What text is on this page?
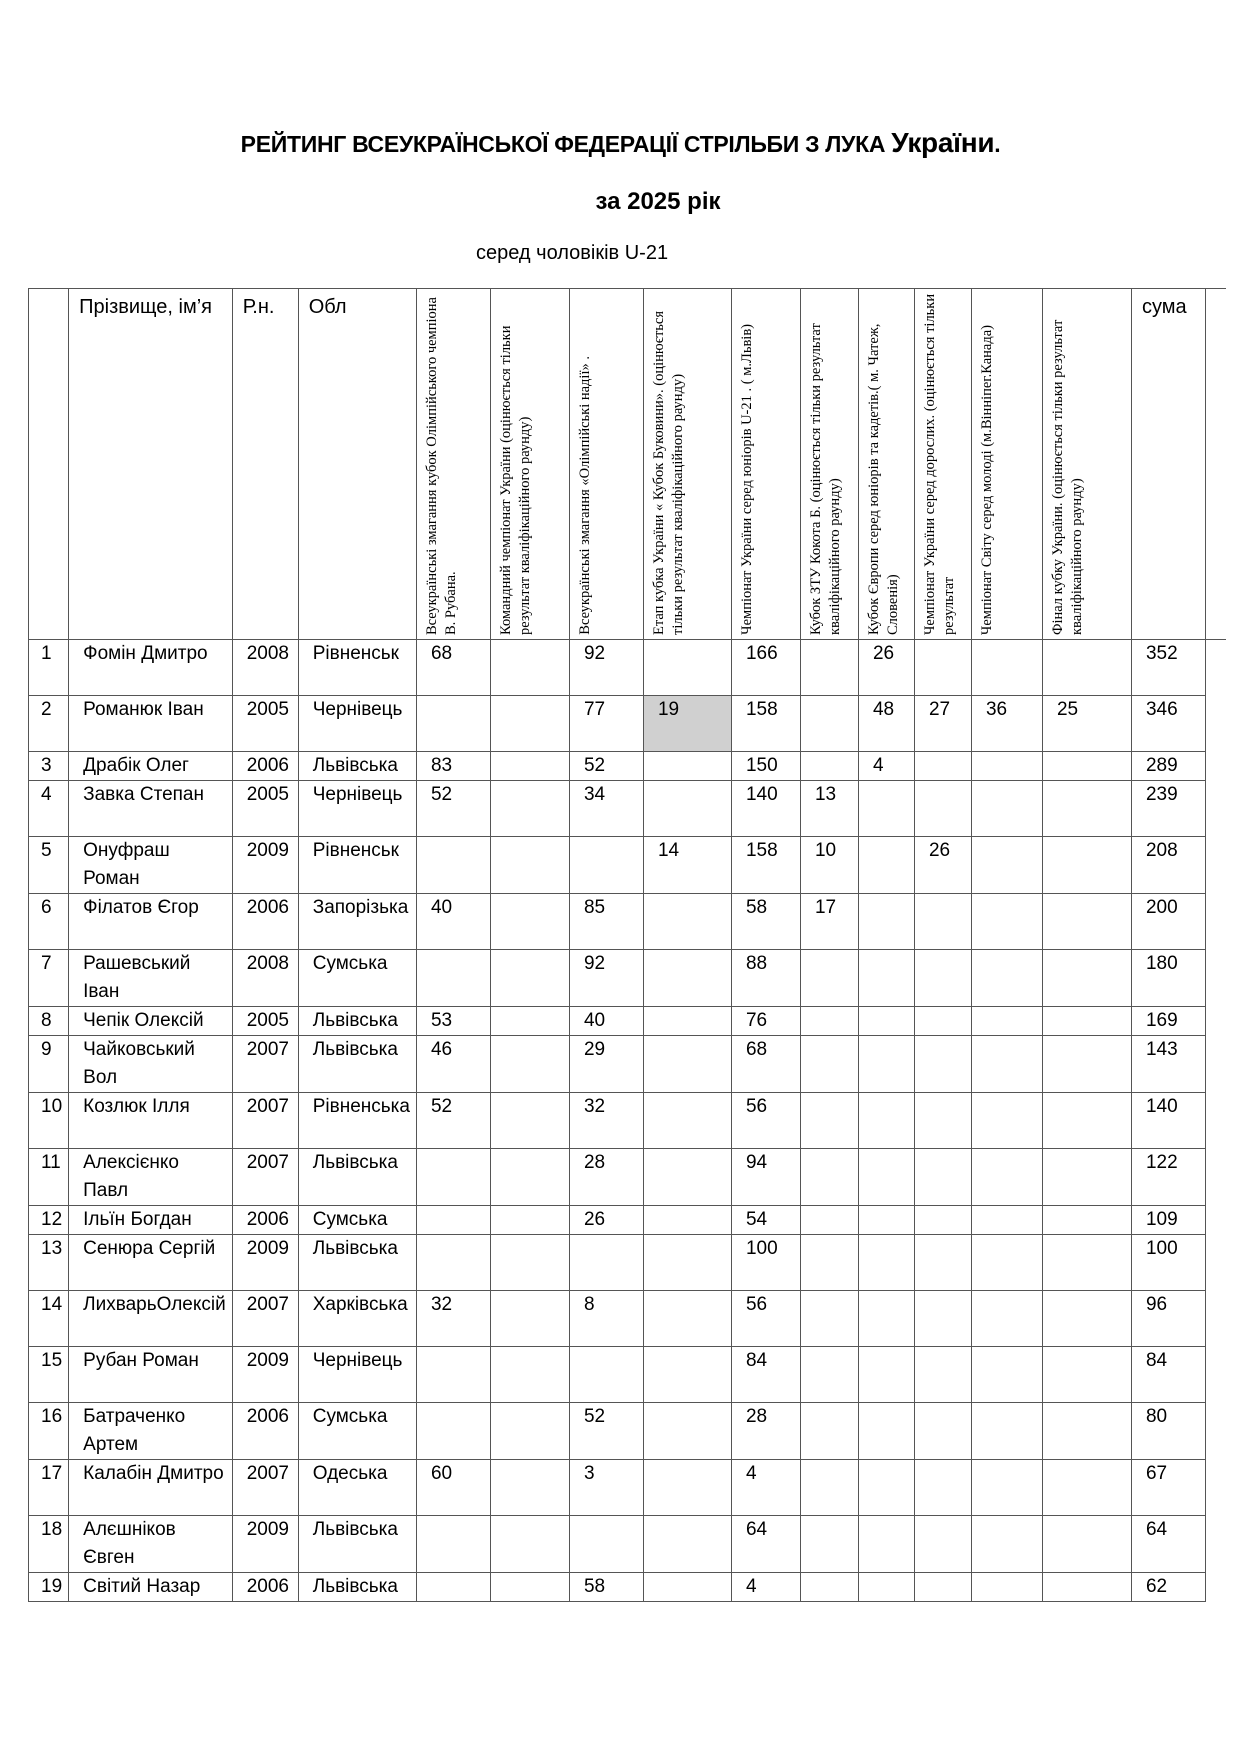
РЕЙТИНГ ВСЕУКРАЇНСЬКОЇ ФЕДЕРАЦІЇ СТРІЛЬБИ З ЛУКА України.
за 2025 рік
серед чоловіків U-21
	Прізвище, ім’я	Р.н.	Обл	Всеукраїнські змагання кубок Олімпійського чемпіона В. Рубана.	Командний чемпіонат України (оцінюється тільки результат кваліфікаційного раунду)	Всеукраїнські змагання «Олімпійські надії» .	Етап кубка України « Кубок Буковини». (оцінюється тільки результат кваліфікаційного раунду)	Чемпіонат України серед юніорів U-21 . ( м.Львів)	Кубок ЗТУ Кокота Б. (оцінюється тільки результат кваліфікаційного раунду)	Кубок Європи серед юніорів та кадетів.( м. Чатеж, Словенія)	Чемпіонат України серед дорослих. (оцінюється тільки результат	Чемпіонат Світу серед молоді (м.Вінніпег.Канада)	Фінал кубку України. (оцінюється тільки результат кваліфікаційного раунду)	сума	
1	Фомін Дмитро	2008	Рівненськ	68		92		166		26				352	
2	Романюк Іван	2005	Чернівець			77	19	158		48	27	36	25	346	
3	Драбік Олег	2006	Львівська	83		52		150		4				289	
4	Завка Степан	2005	Чернівець	52		34		140	13					239	
5	Онуфраш Роман	2009	Рівненськ				14	158	10		26			208	
6	Філатов Єгор	2006	Запорізька	40		85		58	17					200	
7	Рашевський Іван	2008	Сумська			92		88						180	
8	Чепік Олексій	2005	Львівська	53		40		76						169	
9	Чайковський Вол	2007	Львівська	46		29		68						143	
10	Козлюк Ілля	2007	Рівненська	52		32		56						140	
11	Алексієнко Павл	2007	Львівська			28		94						122	
12	Ільїн Богдан	2006	Сумська			26		54						109	
13	Сенюра Сергій	2009	Львівська					100						100	
14	ЛихварьОлексій	2007	Харківська	32		8		56						96	
15	Рубан Роман	2009	Чернівець					84						84	
16	Батраченко Артем	2006	Сумська			52		28						80	
17	Калабін Дмитро	2007	Одеська	60		3		4						67	
18	Алєшніков Євген	2009	Львівська					64						64	
19	Світий Назар	2006	Львівська			58		4						62	
